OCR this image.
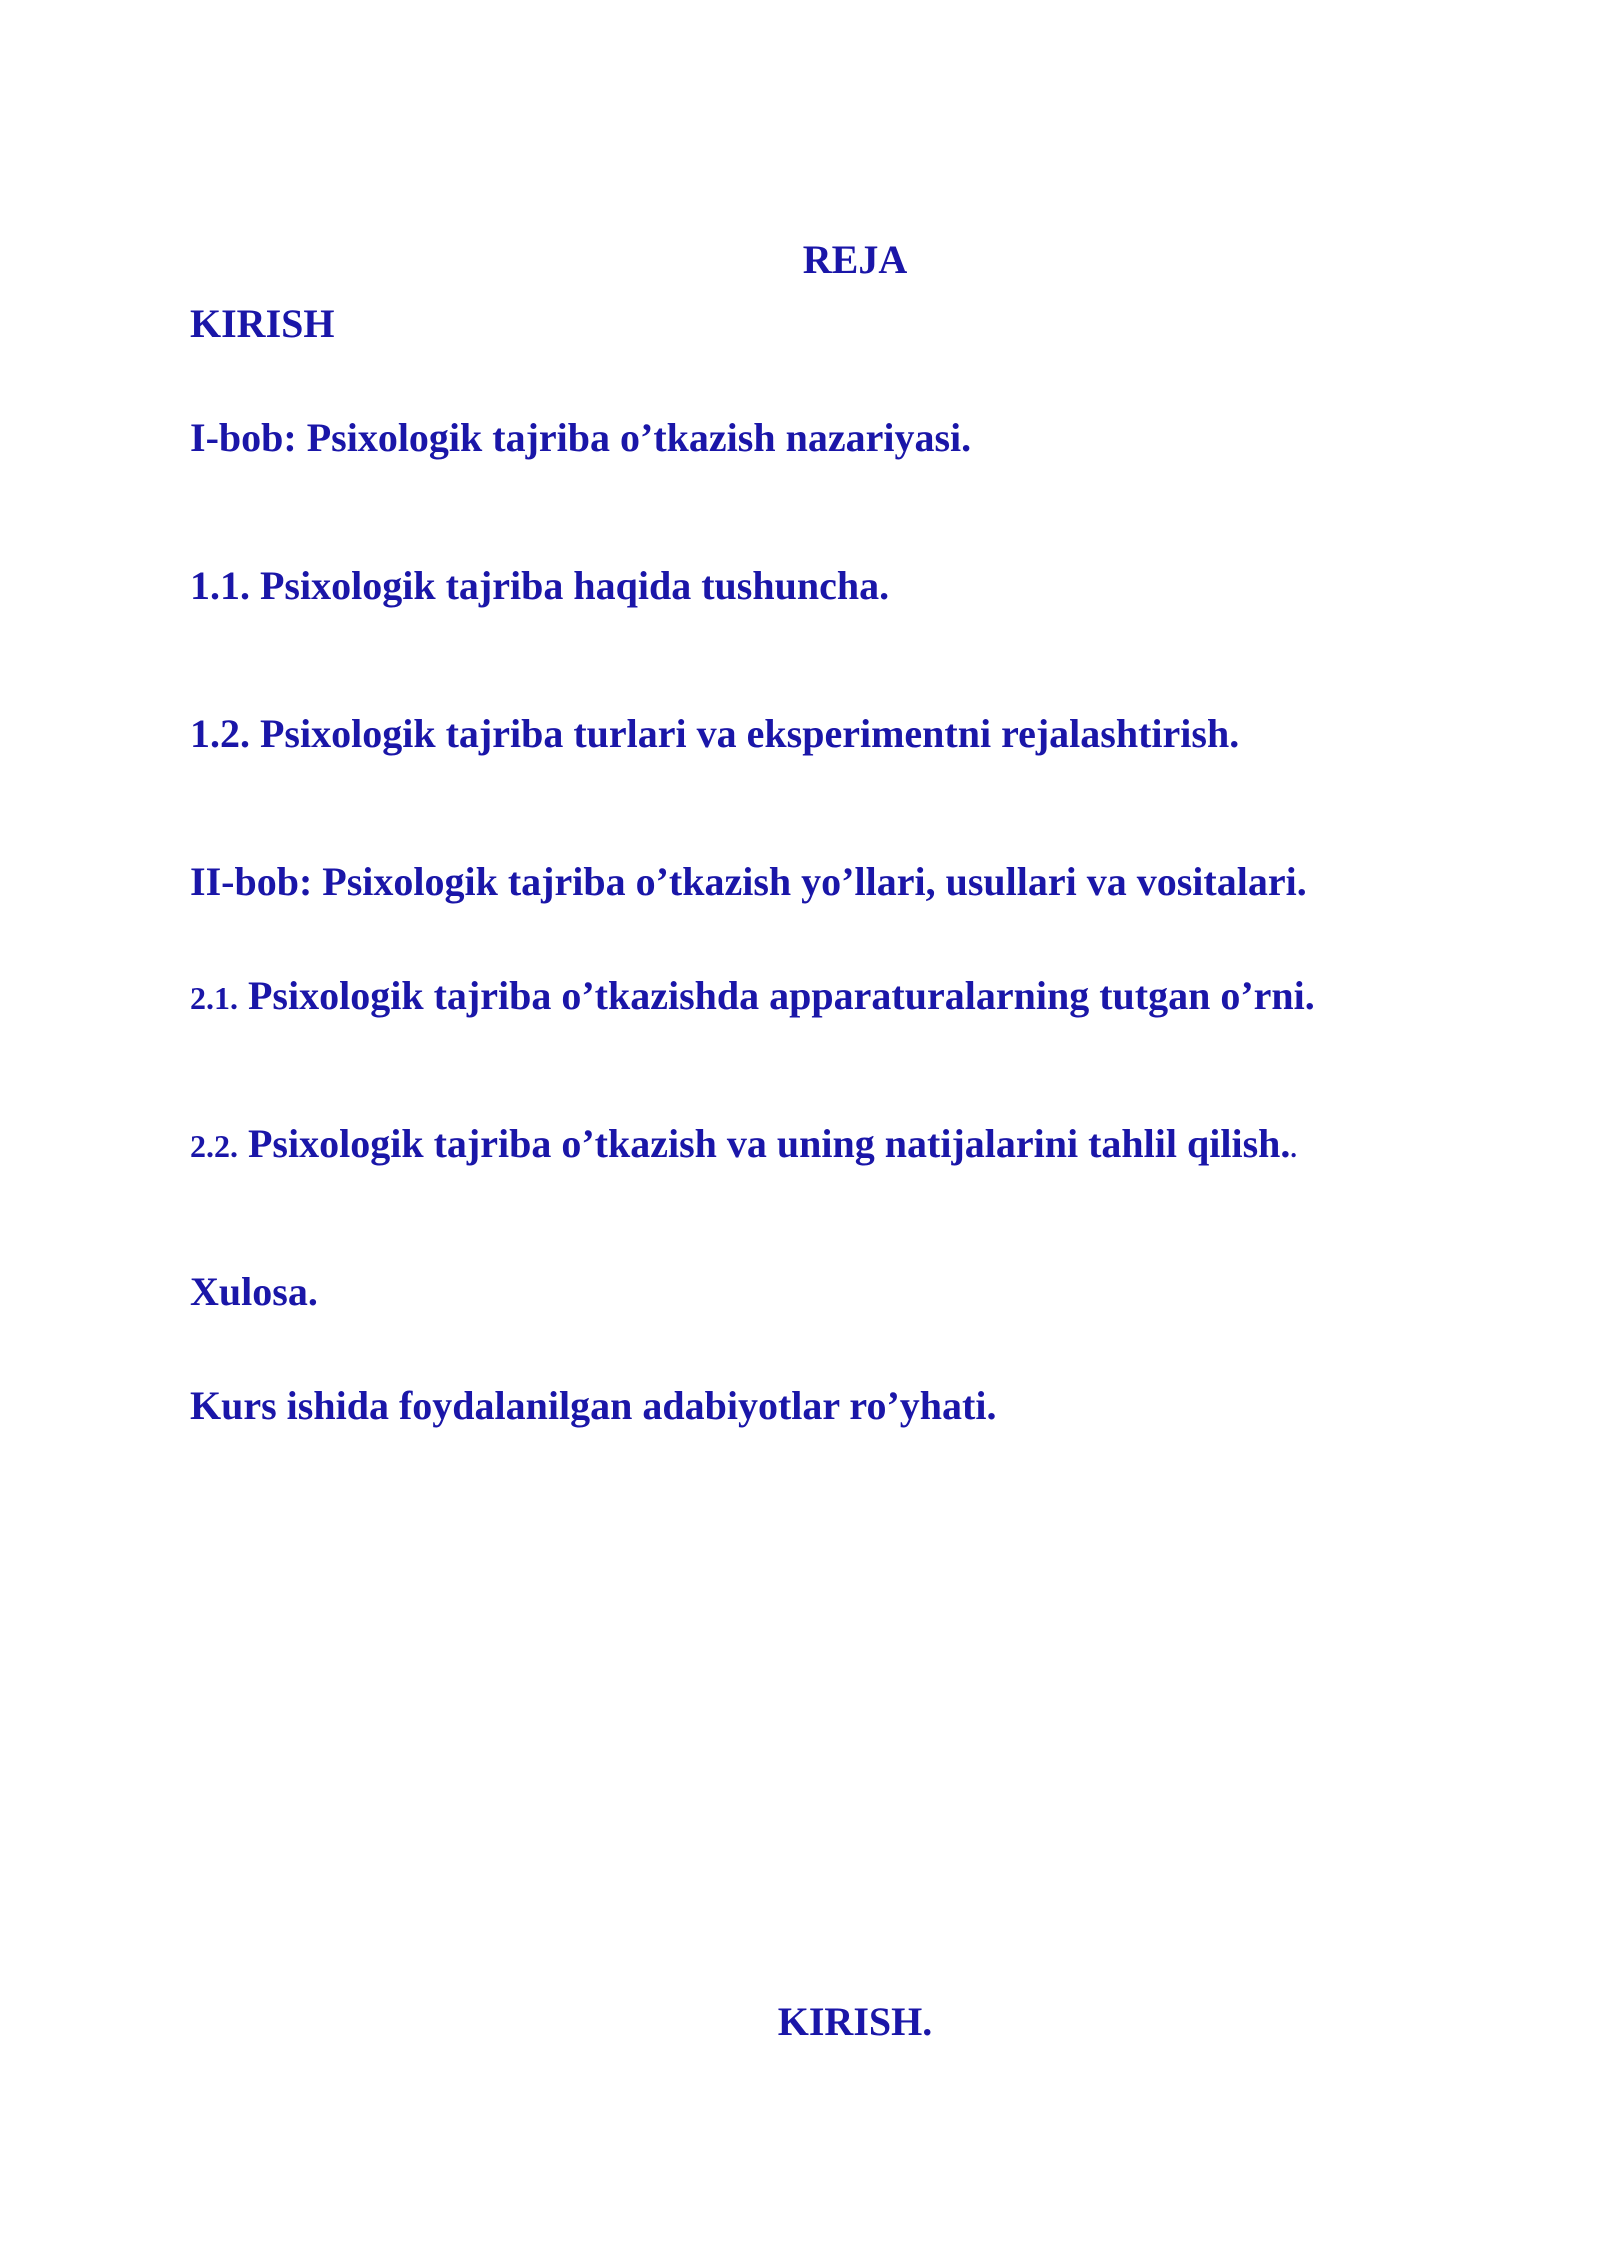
REJA

KIRISH

I-bob: Psixologik tajriba o’tkazish nazariyasi.

1.1. Psixologik tajriba haqida tushuncha.

1.2. Psixologik tajriba turlari va eksperimentni rejalashtirish.

II-bob: Psixologik tajriba o’tkazish yo’llari, usullari va vositalari.

2.1. Psixologik tajriba o’tkazishda apparaturalarning tutgan o’rni.

2.2. Psixologik tajriba o’tkazish va uning natijalarini tahlil qilish..

Xulosa.

Kurs ishida foydalanilgan adabiyotlar ro’yhati.

KIRISH.
